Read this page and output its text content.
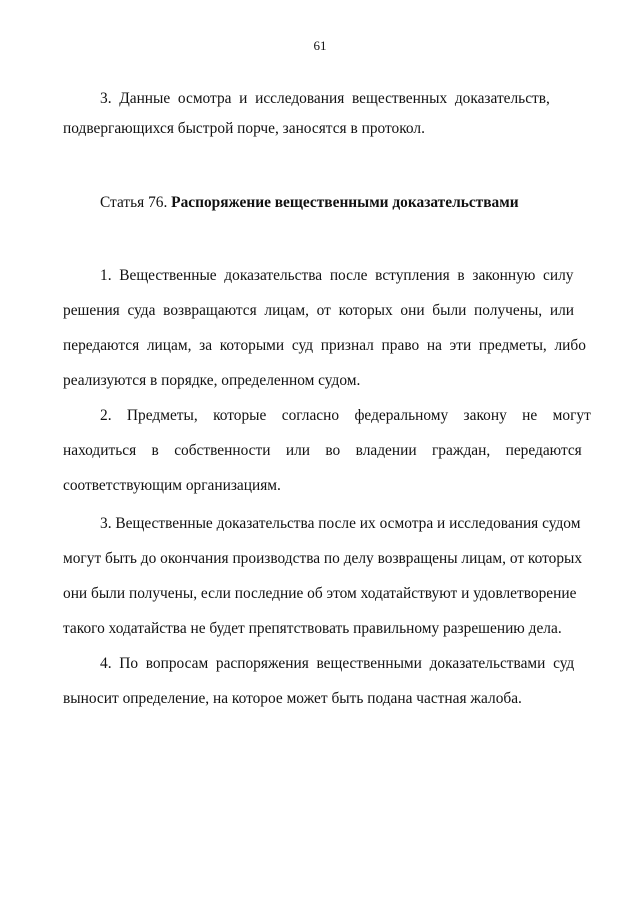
61
3.  Данные  осмотра  и  исследования  вещественных  доказательств,
подвергающихся быстрой порче, заносятся в протокол.
Статья 76. Распоряжение вещественными доказательствами
1.  Вещественные  доказательства  после  вступления  в  законную  силу
решения  суда  возвращаются  лицам,  от  которых  они  были  получены,  или
передаются  лицам,  за  которыми  суд  признал  право  на  эти  предметы,  либо
реализуются в порядке, определенном судом.
2.    Предметы,    которые    согласно    федеральному    закону    не    могут
находиться    в    собственности    или    во    владении    граждан,    передаются
соответствующим организациям.
3. Вещественные доказательства после их осмотра и исследования судом
могут быть до окончания производства по делу возвращены лицам, от которых
они были получены, если последние об этом ходатайствуют и удовлетворение
такого ходатайства не будет препятствовать правильному разрешению дела.
4.  По  вопросам  распоряжения  вещественными  доказательствами  суд
выносит определение, на которое может быть подана частная жалоба.
